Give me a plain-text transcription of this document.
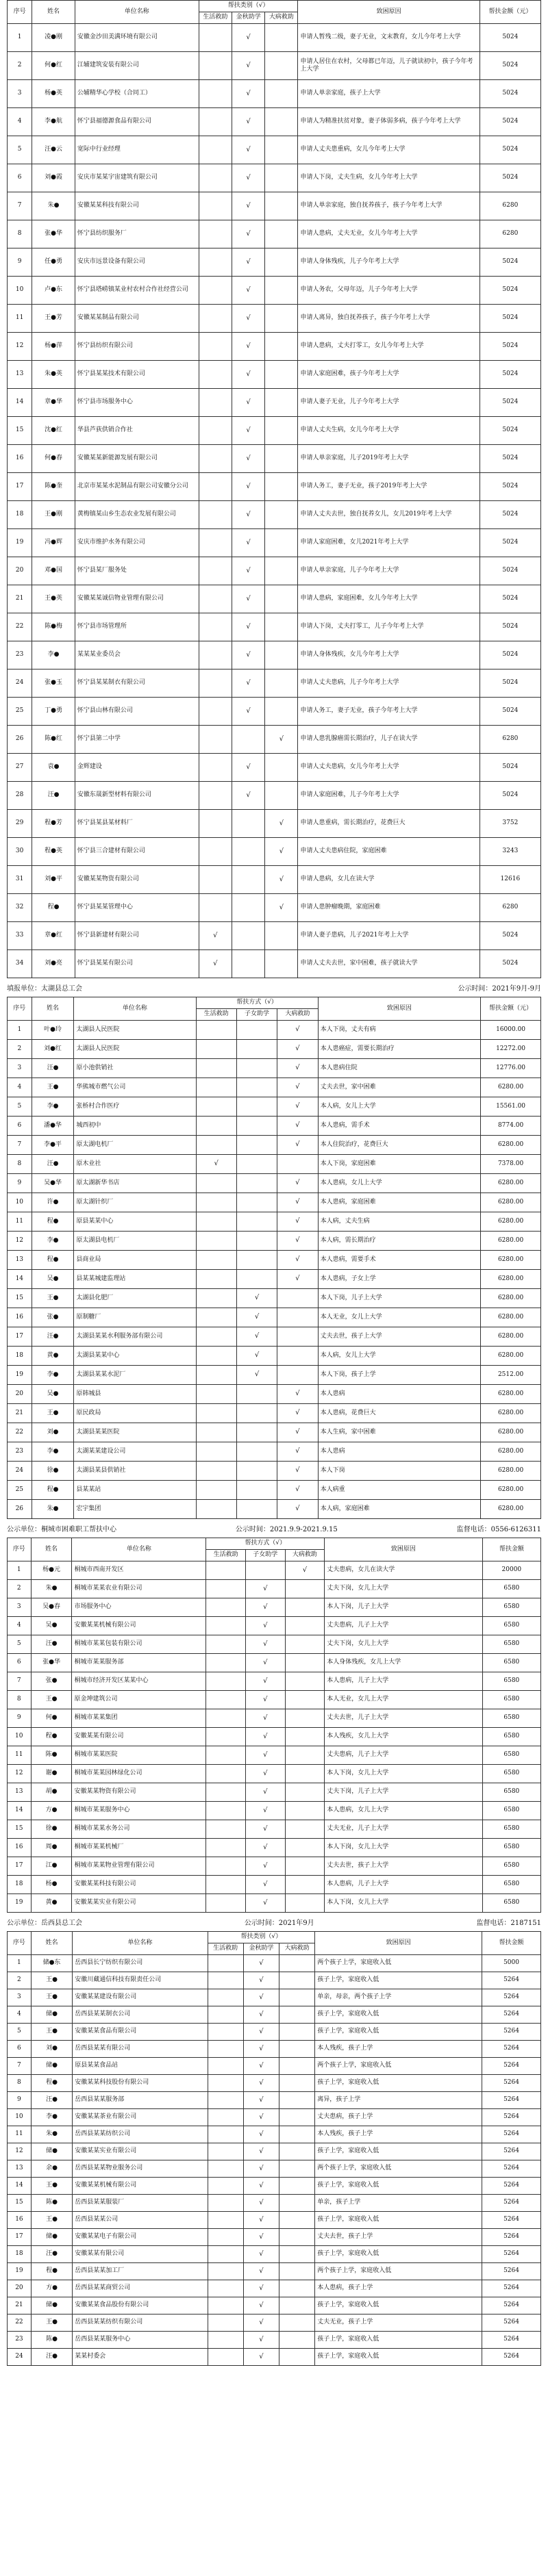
序号	姓名	单位名称	帮扶类别（√）			致困原因	帮扶金额（元）
			生活救助	金秋助学	大病救助		
1	凌●刚	安徽金沙田美满环境有限公司		√		申请人暂残二级，妻子无业，文末教育，女儿今年考上大学	5024
2	何●红	江辅建筑安装有限公司		√		申请人居住在农村，父母都已年迈，儿子就读初中，孩子今年考上大学	5024
3	杨●英	公辅精华心学校（合同工）		√		申请人单亲家庭，孩子上大学	5024
4	李●航	怀宁县福德源食品有限公司		√		申请人为精准扶贫对象，妻子体弱多病，孩子今年考上大学	5024
5	汪●云	宽际中行业经理		√		申请人丈夫患重病，女儿今年考上大学	5024
6	刘●霞	安庆市某某宇宙建筑有限公司		√		申请人下岗，丈夫生病，女儿今年考上大学	5024
7	朱●	安徽某某科技有限公司		√		申请人单亲家庭，独自抚养孩子，孩子今年考上大学	6280
8	张●华	怀宁县纺织服务厂		√		申请人患病，丈夫无业，女儿今年考上大学	6280
9	任●勇	安庆市远景设备有限公司		√		申请人身体残疾，儿子今年考上大学	5024
10	卢●东	怀宁县塔崂镇某业村农村合作社经营公司		√		申请人务农，父母年迈，儿子今年考上大学	5024
11	王●芳	安徽某某制品有限公司		√		申请人离异，独自抚养孩子，孩子今年考上大学	5024
12	杨●萍	怀宁县纺织有限公司		√		申请人患病，丈夫打零工，女儿今年考上大学	5024
13	朱●英	怀宁县某某技术有限公司		√		申请人家庭困难，孩子今年考上大学	5024
14	章●华	怀宁县市场服务中心		√		申请人妻子无业，儿子今年考上大学	5024
15	沈●红	华县芦荻供销合作社		√		申请人丈夫生病，女儿今年考上大学	5024
16	何●春	安徽某某新能源发展有限公司		√		申请人单亲家庭，儿子2019年考上大学	5024
17	陈●奎	北京市某某水泥制品有限公司安徽分公司		√		申请人务工，妻子无业，孩子2019年考上大学	5024
18	王●刚	黄梅镇某山乡生态农业发展有限公司		√		申请人丈夫去世，独自抚养女儿，女儿2019年考上大学	5024
19	冯●辉	安庆市维护水务有限公司		√		申请人家庭困难，女儿2021年考上大学	5024
20	邓●国	怀宁县某厂服务处		√		申请人单亲家庭，儿子今年考上大学	5024
21	王●英	安徽某某诚信物业管理有限公司		√		申请人患病，家庭困难，女儿今年考上大学	5024
22	陈●梅	怀宁县市场管理所		√		申请人下岗，丈夫打零工，儿子今年考上大学	5024
23	李●	某某某业委员会		√		申请人身体残疾，女儿今年考上大学	5024
24	张●玉	怀宁县某某制衣有限公司		√		申请人丈夫患病，儿子今年考上大学	5024
25	丁●勇	怀宁县山林有限公司		√		申请人务工，妻子无业，孩子今年考上大学	5024
26	陈●红	怀宁县第二中学			√	申请人患乳腺癌需长期治疗，儿子在读大学	6280
27	袁●	金辉建设		√		申请人丈夫患病，女儿今年考上大学	5024
28	汪●	安徽东晟新型材料有限公司		√		申请人家庭困难，儿子今年考上大学	5024
29	程●芳	怀宁县某县某材料厂			√	申请人患重病，需长期治疗，花费巨大	3752
30	程●英	怀宁县三合建材有限公司			√	申请人丈夫患病住院，家庭困难	3243
31	刘●平	安徽某某物资有限公司			√	申请人患病，女儿在读大学	12616
32	程●	怀宁县某某管理中心			√	申请人患肿瘤晚期，家庭困难	6280
33	章●红	怀宁县新建材有限公司	√			申请人妻子患病，儿子2021年考上大学	5024
34	刘●亮	怀宁县某某有限公司	√			申请人丈夫去世，家中困难，孩子就读大学	5024
填报单位：太湖县总工会	公示时间：2021年9月-9月
序号	姓名	单位名称	帮扶方式（√）			致困原因	帮扶金额（元）
			生活救助	子女助学	大病救助		
1	叶●玲	太湖县人民医院			√	本人下岗，丈夫有病	16000.00
2	刘●红	太湖县人民医院			√	本人患癌症，需要长期治疗	12272.00
3	汪●	原小池供销社			√	本人患病住院	12776.00
4	王●	华熊城市燃气公司			√	丈夫去世，家中困难	6280.00
5	李●	张桥村合作医疗			√	本人病，女儿上大学	15561.00
6	潘●华	城西初中			√	本人患病，需手术	8774.00
7	李●平	原太湖电机厂			√	本人住院治疗，花费巨大	6280.00
8	汪●	原木业社	√			本人下岗，家庭困难	7378.00
9	吴●华	原太湖新华书店			√	本人患病，女儿上大学	6280.00
10	许●	原太湖针织厂			√	本人患病，家庭困难	6280.00
11	程●	原县某某中心			√	本人病，丈夫生病	6280.00
12	李●	原太湖县电机厂			√	本人病，需长期治疗	6280.00
13	程●	县商业局			√	本人患病，需要手术	6280.00
14	吴●	县某某城建监理站			√	本人患病，子女上学	6280.00
15	王●	太湖县化肥厂		√		本人下岗，儿子上大学	6280.00
16	张●	原制糖厂		√		本人无业，女儿上大学	6280.00
17	汪●	太湖县某某水利服务部有限公司		√		丈夫去世，孩子上大学	6280.00
18	黄●	太湖县某某中心		√		本人病，女儿上大学	6280.00
19	李●	太湖县某某水泥厂		√		本人下岗，孩子上学	2512.00
20	吴●	原韩城县			√	本人患病	6280.00
21	王●	原民政局			√	本人患病，花费巨大	6280.00
22	刘●	太湖县某某医院			√	本人生病，家中困难	6280.00
23	李●	太湖某某建设公司			√	本人患病	6280.00
24	徐●	太湖县某县供销社			√	本人下岗	6280.00
25	程●	县某某站			√	本人病重	6280.00
26	朱●	宏宇集团			√	本人病，家庭困难	6280.00
公示单位：桐城市困难职工帮扶中心	公示时间：2021.9.9-2021.9.15	监督电话：0556-6126311
序号	姓名	单位名称	帮扶方式（√）			致困原因	帮扶金额
			生活救助	子女助学	大病救助		
1	杨●元	桐城市西南开发区			√	丈夫患病，女儿在读大学	20000
2	朱●	桐城市某某农业有限公司		√		丈夫下岗，女儿上大学	6580
3	吴●春	市场服务中心		√		本人下岗，儿子上大学	6580
4	吴●	安徽某某机械有限公司		√		丈夫患病，儿子上大学	6580
5	汪●	桐城市某某包装有限公司		√		丈夫下岗，女儿上大学	6580
6	张●华	桐城市某某服务部		√		本人身体残疾，女儿上大学	6580
7	张●	桐城市经济开发区某某中心		√		本人患病，儿子上大学	6580
8	王●	原金坤建筑公司		√		本人无业，女儿上大学	6580
9	何●	桐城市某某集团		√		丈夫去世，儿子上大学	6580
10	程●	安徽某某有限公司		√		本人残疾，女儿上大学	6580
11	陈●	桐城市某某医院		√		丈夫患病，儿子上大学	6580
12	谢●	桐城市某某园林绿化公司		√		本人下岗，女儿上大学	6580
13	胡●	安徽某某物资有限公司		√		丈夫下岗，儿子上大学	6580
14	方●	桐城市某某服务中心		√		本人患病，女儿上大学	6580
15	徐●	桐城市某某水务公司		√		丈夫无业，儿子上大学	6580
16	周●	桐城市某某机械厂		√		本人下岗，女儿上大学	6580
17	江●	桐城市某某物业管理有限公司		√		丈夫去世，孩子上大学	6580
18	杨●	安徽某某科技有限公司		√		本人患病，儿子上大学	6580
19	黄●	安徽某某实业有限公司		√		本人下岗，女儿上大学	6580
公示单位：岳西县总工会	公示时间：2021年9月	监督电话：2187151
序号	姓名	单位名称	帮扶类别（√）			致困原因	帮扶金额
			生活救助	金秋助学	大病救助		
1	储●东	岳西县长宁纺织有限公司		√		两个孩子上学，家庭收入低	5000
2	王●	安徽川藏通信科技有限责任公司		√		孩子上学，家庭收入低	5264
3	王●	安徽某某建设有限公司		√		单亲，母亲，两个孩子上学	5264
4	储●	岳西县某某制衣公司		√		孩子上学，家庭收入低	5264
5	王●	安徽某某食品有限公司		√		孩子上学，家庭收入低	5264
6	刘●	岳西县某某有限公司		√		本人残疾，孩子上学	5264
7	储●	原县某某食品站		√		两个孩子上学，家庭收入低	5264
8	程●	安徽某某科技股份有限公司		√		孩子上学，家庭收入低	5264
9	汪●	岳西县某某服务部		√		离异，孩子上学	5264
10	李●	安徽某某茶业有限公司		√		丈夫患病，孩子上学	5264
11	朱●	岳西县某某纺织公司		√		本人残疾，孩子上学	5264
12	储●	安徽某某实业有限公司		√		孩子上学，家庭收入低	5264
13	余●	岳西县某某物业服务公司		√		两个孩子上学，家庭收入低	5264
14	王●	安徽某某机械有限公司		√		孩子上学，家庭收入低	5264
15	陈●	岳西县某某服装厂		√		单亲，孩子上学	5264
16	王●	岳西县某某公司		√		孩子上学，家庭收入低	5264
17	储●	安徽某某电子有限公司		√		丈夫去世，孩子上学	5264
18	汪●	安徽某某有限公司		√		孩子上学，家庭收入低	5264
19	程●	岳西县某某加工厂		√		两个孩子上学，家庭收入低	5264
20	方●	岳西县某某商贸公司		√		本人患病，孩子上学	5264
21	储●	安徽某某食品股份有限公司		√		孩子上学，家庭收入低	5264
22	王●	岳西县某某纺织有限公司		√		丈夫无业，孩子上学	5264
23	陈●	岳西县某某服务中心		√		孩子上学，家庭收入低	5264
24	汪●	某某村委会		√		孩子上学，家庭收入低	5264
